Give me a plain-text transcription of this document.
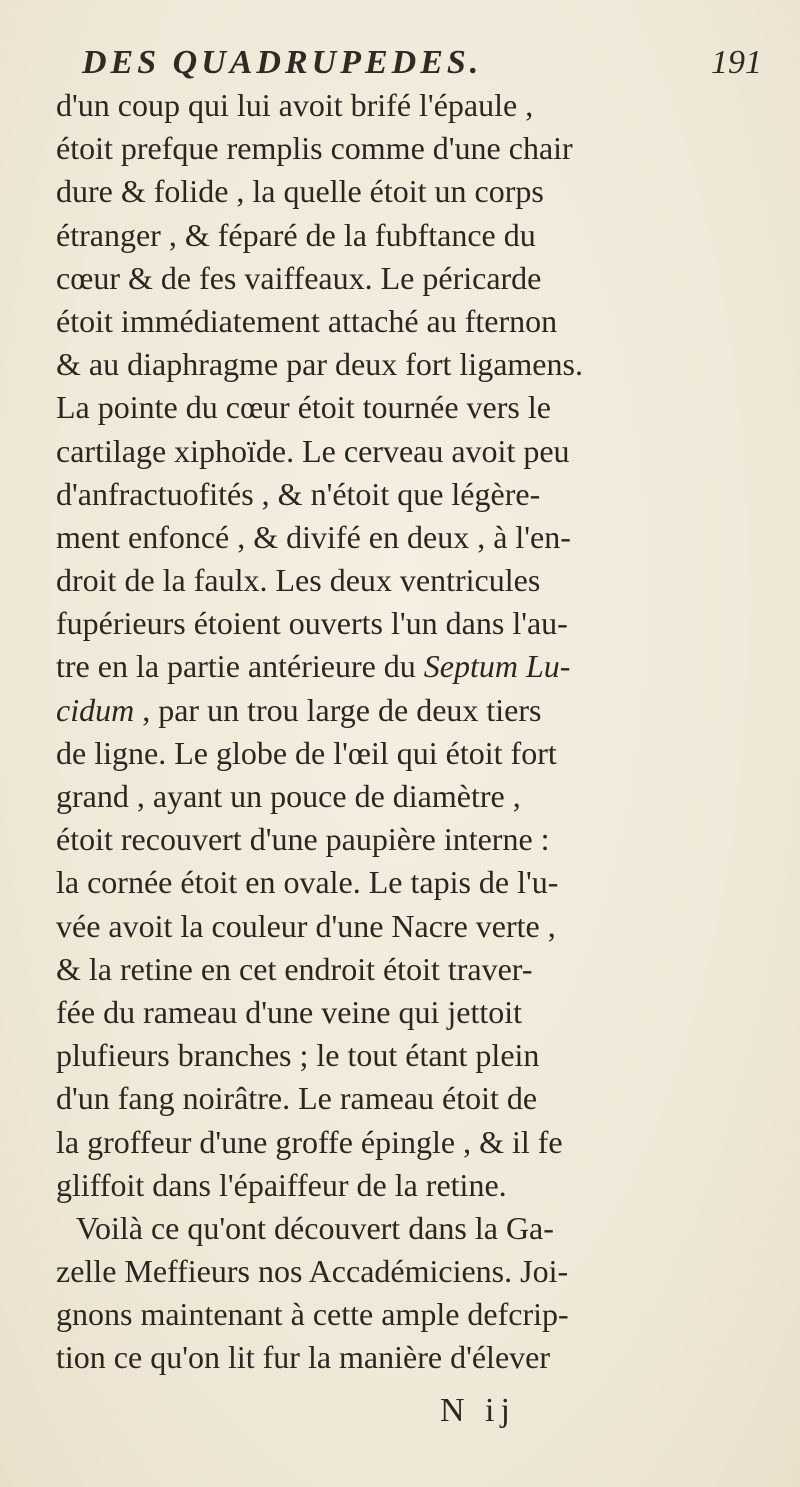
DES QUADRUPEDES.	191
d'un coup qui lui avoit brifé l'épaule ,
étoit prefque remplis comme d'une chair
dure & folide , la quelle étoit un corps
étranger , & féparé de la fubftance du
cœur & de fes vaiffeaux. Le péricarde
étoit immédiatement attaché au fternon
& au diaphragme par deux fort ligamens.
La pointe du cœur étoit tournée vers le
cartilage xiphoïde. Le cerveau avoit peu
d'anfractuofités , & n'étoit que légère-
ment enfoncé , & divifé en deux , à l'en-
droit de la faulx. Les deux ventricules
fupérieurs étoient ouverts l'un dans l'au-
tre en la partie antérieure du Septum Lu-
cidum , par un trou large de deux tiers
de ligne. Le globe de l'œil qui étoit fort
grand , ayant un pouce de diamètre ,
étoit recouvert d'une paupière interne :
la cornée étoit en ovale. Le tapis de l'u-
vée avoit la couleur d'une Nacre verte ,
& la retine en cet endroit étoit traver-
fée du rameau d'une veine qui jettoit
plufieurs branches ; le tout étant plein
d'un fang noirâtre. Le rameau étoit de
la groffeur d'une groffe épingle , & il fe
gliffoit dans l'épaiffeur de la retine.
Voilà ce qu'ont découvert dans la Ga-
zelle Meffieurs nos Accadémiciens. Joi-
gnons maintenant à cette ample defcrip-
tion ce qu'on lit fur la manière d'élever
N ij
